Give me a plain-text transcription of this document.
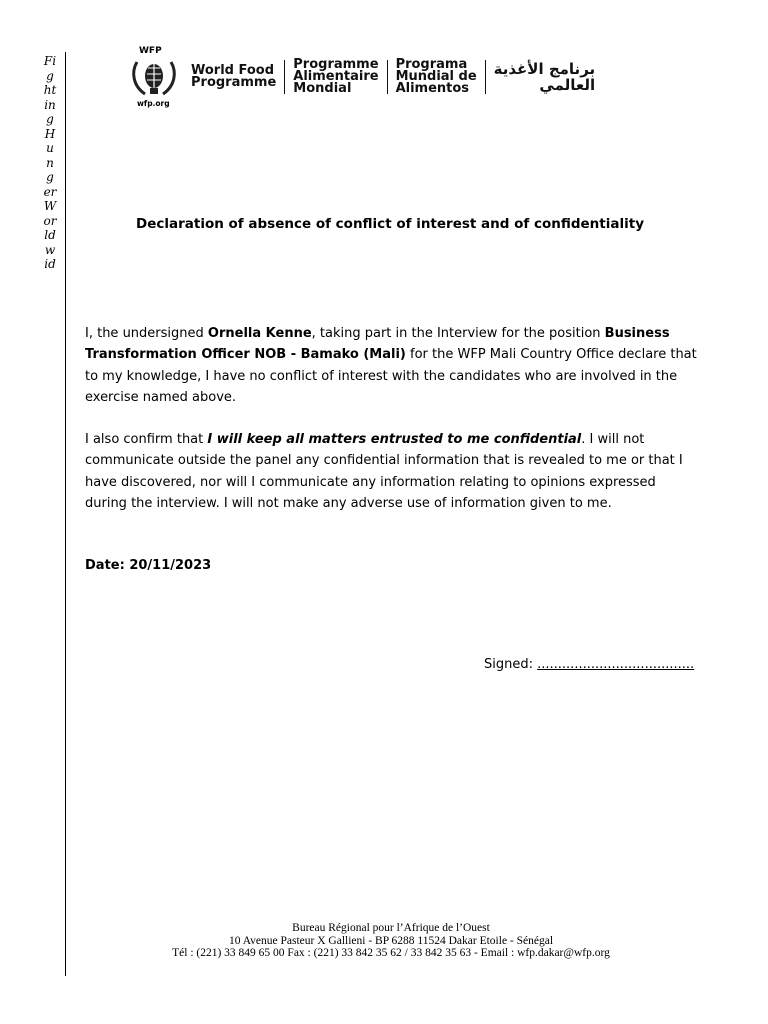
Fi
g
ht
in
g
H
u
n
g
er
W
or
ld
w
id
WFP
wfp.org
World Food
Programme
Programme
Alimentaire
Mondial
Programa
Mundial de
Alimentos
برنامج الأغذية
العالمي
Declaration of absence of conflict of interest and of confidentiality
I, the undersigned Ornella Kenne, taking part in the Interview for the position Business Transformation Officer NOB - Bamako (Mali) for the WFP Mali Country Office declare that to my knowledge, I have no conflict of interest with the candidates who are involved in the exercise named above.
I also confirm that I will keep all matters entrusted to me confidential. I will not communicate outside the panel any confidential information that is revealed to me or that I have discovered, nor will I communicate any information relating to opinions expressed during the interview. I will not make any adverse use of information given to me.
Date: 20/11/2023
Signed: ......................................
Bureau Régional pour l’Afrique de l’Ouest
10 Avenue Pasteur X Gallieni - BP 6288 11524 Dakar Etoile - Sénégal
Tél : (221) 33 849 65 00 Fax : (221) 33 842 35 62 / 33 842 35 63 - Email : wfp.dakar@wfp.org
